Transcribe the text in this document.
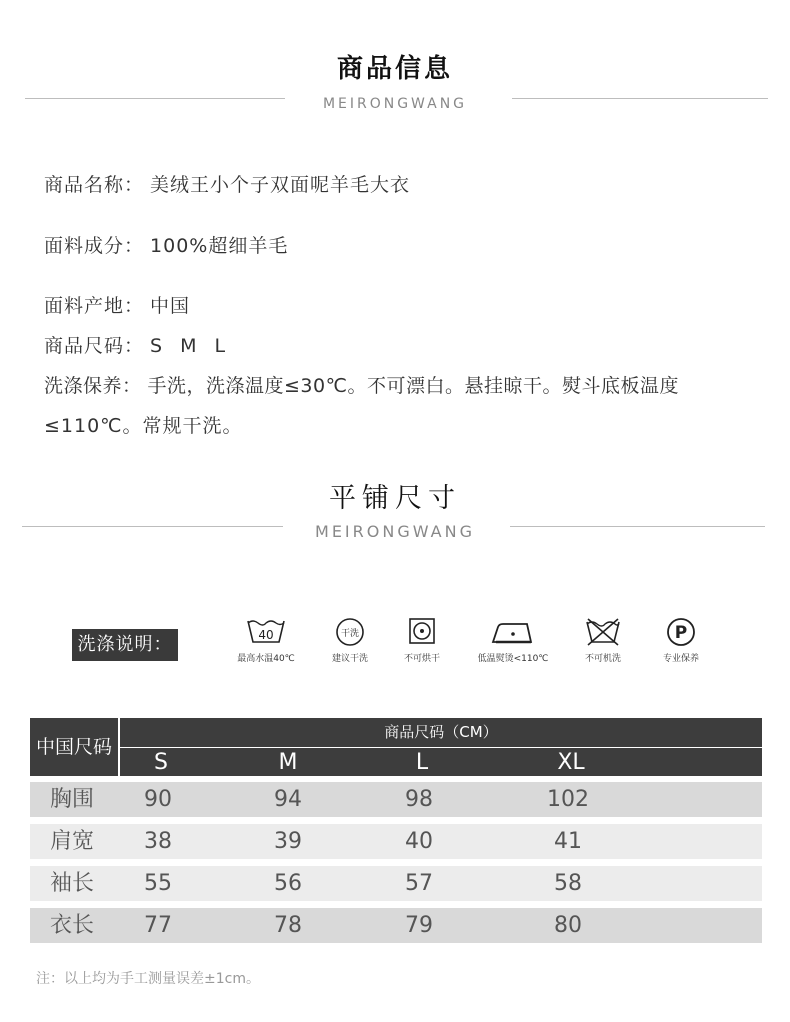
商品信息
MEIRONGWANG
商品名称： 美绒王小个子双面呢羊毛大衣
面料成分： 100%超细羊毛
面料产地： 中国
商品尺码： S M L
洗涤保养： 手洗，洗涤温度≤30℃。不可漂白。悬挂晾干。熨斗底板温度
≤110℃。常规干洗。
平铺尺寸
MEIRONGWANG
洗涤说明：	40
最高水温40℃
干洗
建议干洗	不可烘干	低温熨烫<110℃	不可机洗
P
专业保养
中国尺码
商品尺码（CM）
S	M	L	XL
胸围 90	94	98	102
肩宽 38	39	40	41
袖长 55	56	57	58
衣长 77	78	79	80
注：以上均为手工测量误差±1cm。
